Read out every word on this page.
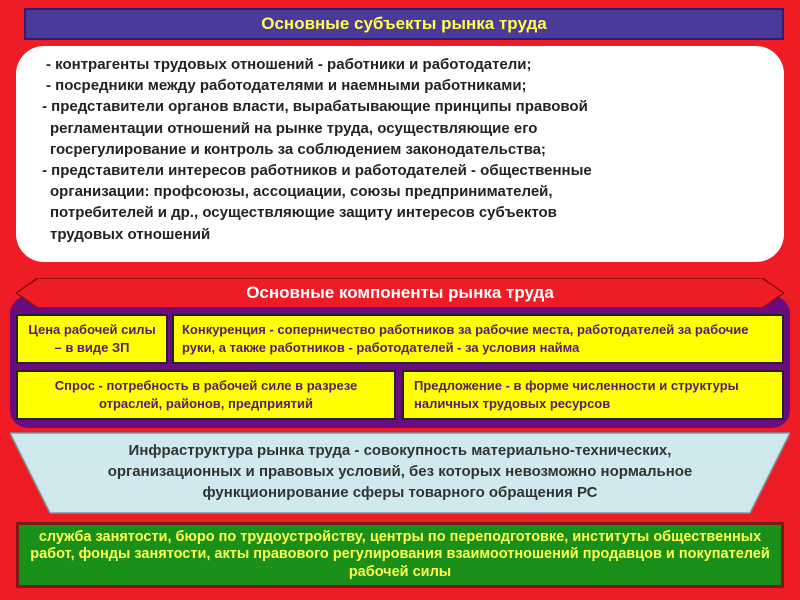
Основные субъекты рынка труда
- контрагенты трудовых отношений - работники и работодатели;
- посредники между работодателями и наемными работниками;
- представители органов власти, вырабатывающие принципы правовой
регламентации отношений на рынке труда, осуществляющие его
госрегулирование и контроль за соблюдением законодательства;
- представители интересов работников и работодателей - общественные
организации: профсоюзы, ассоциации, союзы предпринимателей,
потребителей и др., осуществляющие защиту интересов субъектов
трудовых отношений
Основные компоненты рынка труда
Цена рабочей силы – в виде ЗП
Конкуренция - соперничество работников за рабочие места, работодателей за рабочие руки, а также работников - работодателей - за условия найма
Спрос - потребность в рабочей силе в разрезе отраслей, районов, предприятий
Предложение - в форме численности и структуры наличных трудовых ресурсов
Инфраструктура рынка труда - совокупность материально-технических, организационных и правовых условий, без которых невозможно нормальное функционирование сферы товарного обращения РС
служба занятости, бюро по трудоустройству, центры по переподготовке, институты общественных работ, фонды занятости, акты правового регулирования взаимоотношений продавцов и покупателей рабочей силы
